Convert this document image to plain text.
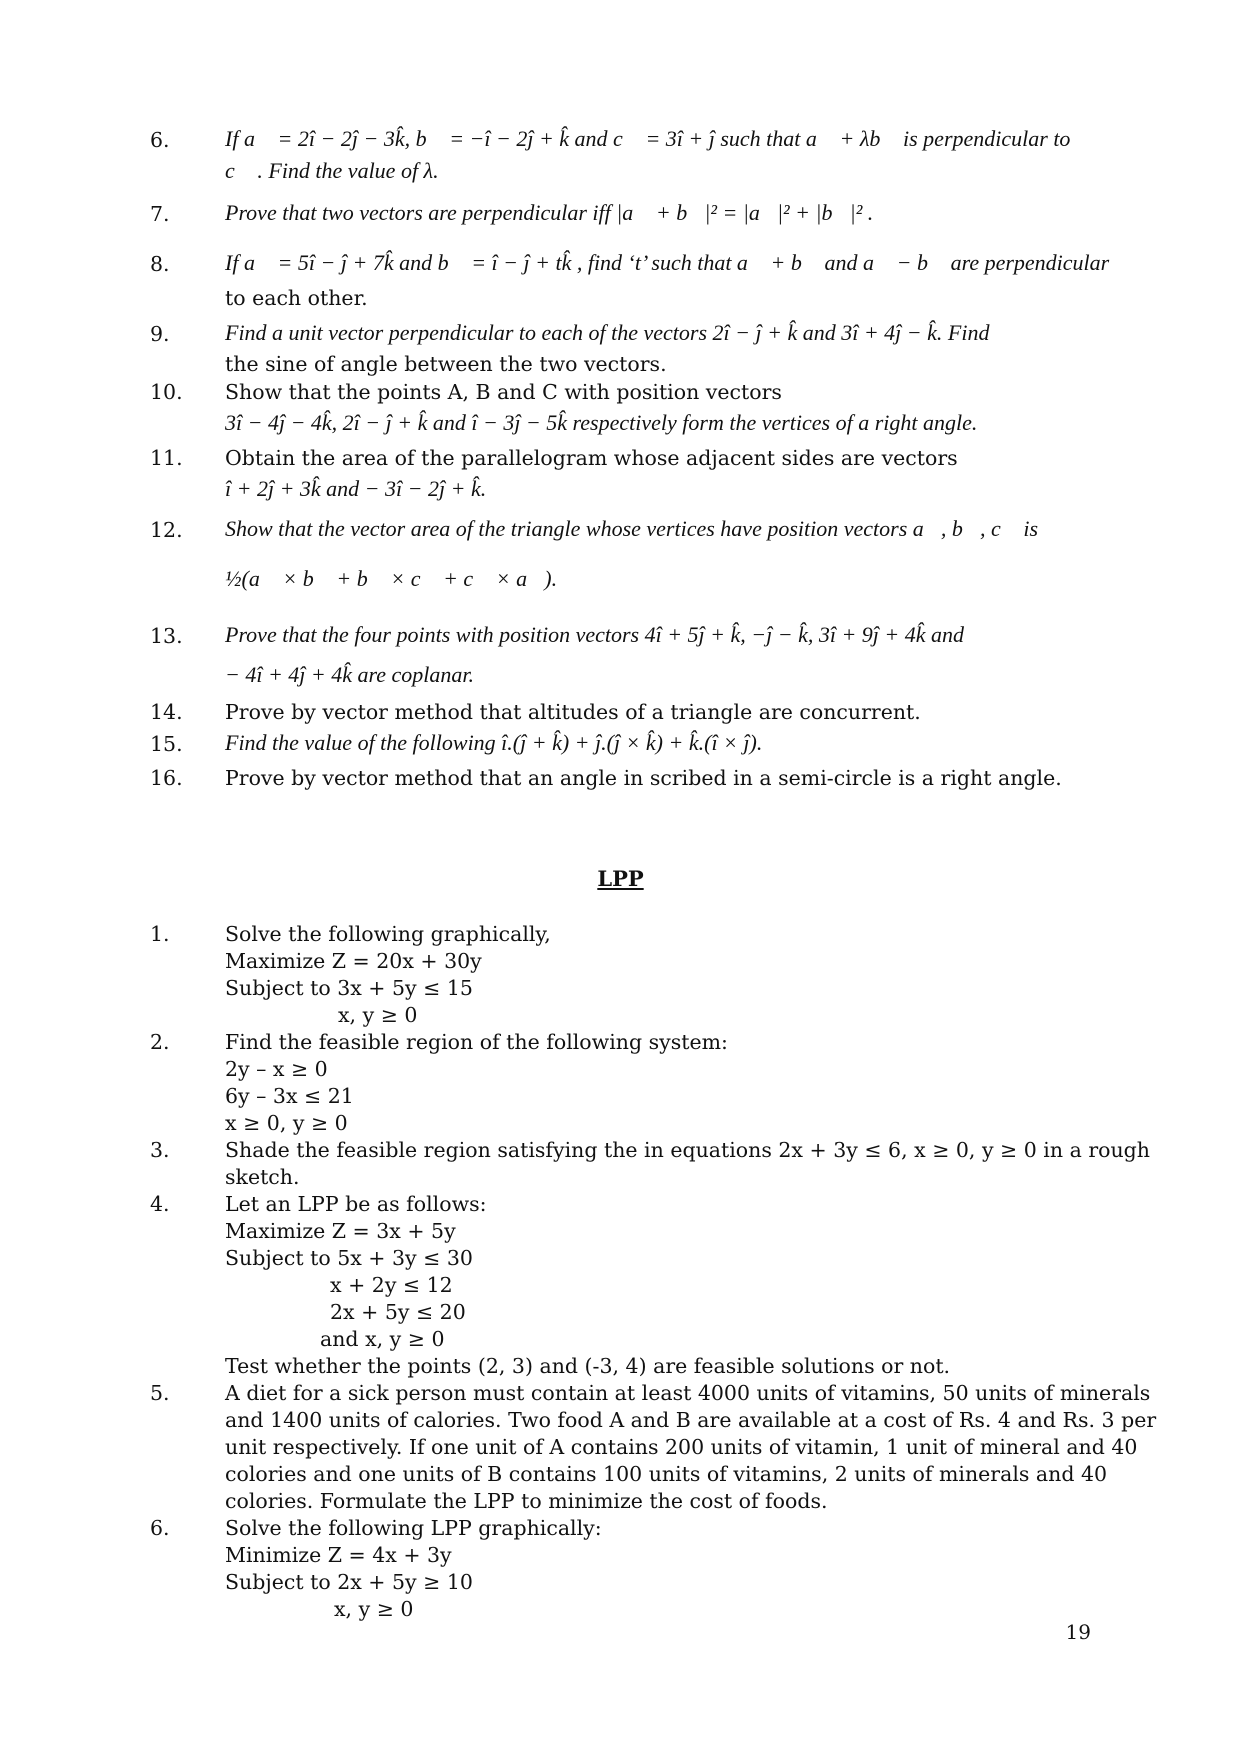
6.	If a⃗ = 2î − 2ĵ − 3k̂, b⃗ = −î − 2ĵ + k̂ and c⃗ = 3î + ĵ such that a⃗ + λb⃗ is perpendicular to
c⃗ . Find the value of λ.
7.	Prove that two vectors are perpendicular iff |a⃗ + b⃗|² = |a⃗|² + |b⃗|² .
8.	If a⃗ = 5î − ĵ + 7k̂ and b⃗ = î − ĵ + tk̂ , find ‘t’ such that a⃗ + b⃗ and a⃗ − b⃗ are perpendicular
to each other.
9.	Find a unit vector perpendicular to each of the vectors 2î − ĵ + k̂ and 3î + 4ĵ − k̂. Find
the sine of angle between the two vectors.
10.	Show that the points A, B and C with position vectors
3î − 4ĵ − 4k̂, 2î − ĵ + k̂ and î − 3ĵ − 5k̂ respectively form the vertices of a right angle.
11.	Obtain the area of the parallelogram whose adjacent sides are vectors
î + 2ĵ + 3k̂ and − 3î − 2ĵ + k̂.
12.	Show that the vector area of the triangle whose vertices have position vectors a⃗, b⃗, c⃗ is
½(a⃗ × b⃗ + b⃗ × c⃗ + c⃗ × a⃗).
13.	Prove that the four points with position vectors 4î + 5ĵ + k̂, −ĵ − k̂, 3î + 9ĵ + 4k̂ and
− 4î + 4ĵ + 4k̂ are coplanar.
14.	Prove by vector method that altitudes of a triangle are concurrent.
15.	Find the value of the following î.(ĵ + k̂) + ĵ.(ĵ × k̂) + k̂.(î × ĵ).
16.	Prove by vector method that an angle in scribed in a semi-circle is a right angle.
LPP
1.	Solve the following graphically,
Maximize Z = 20x + 30y
Subject to 3x + 5y ≤ 15
x, y ≥ 0
2.	Find the feasible region of the following system:
2y – x ≥ 0
6y – 3x ≤ 21
x ≥ 0, y ≥ 0
3.	Shade the feasible region satisfying the in equations 2x + 3y ≤ 6, x ≥ 0, y ≥ 0 in a rough
sketch.
4.	Let an LPP be as follows:
Maximize Z = 3x + 5y
Subject to 5x + 3y ≤ 30
x + 2y ≤ 12
2x + 5y ≤ 20
and x, y ≥ 0
Test whether the points (2, 3) and (-3, 4) are feasible solutions or not.
5.	A diet for a sick person must contain at least 4000 units of vitamins, 50 units of minerals
and 1400 units of calories. Two food A and B are available at a cost of Rs. 4 and Rs. 3 per
unit respectively. If one unit of A contains 200 units of vitamin, 1 unit of mineral and 40
colories and one units of B contains 100 units of vitamins, 2 units of minerals and 40
colories. Formulate the LPP to minimize the cost of foods.
6.	Solve the following LPP graphically:
Minimize Z = 4x + 3y
Subject to 2x + 5y ≥ 10
x, y ≥ 0
19
